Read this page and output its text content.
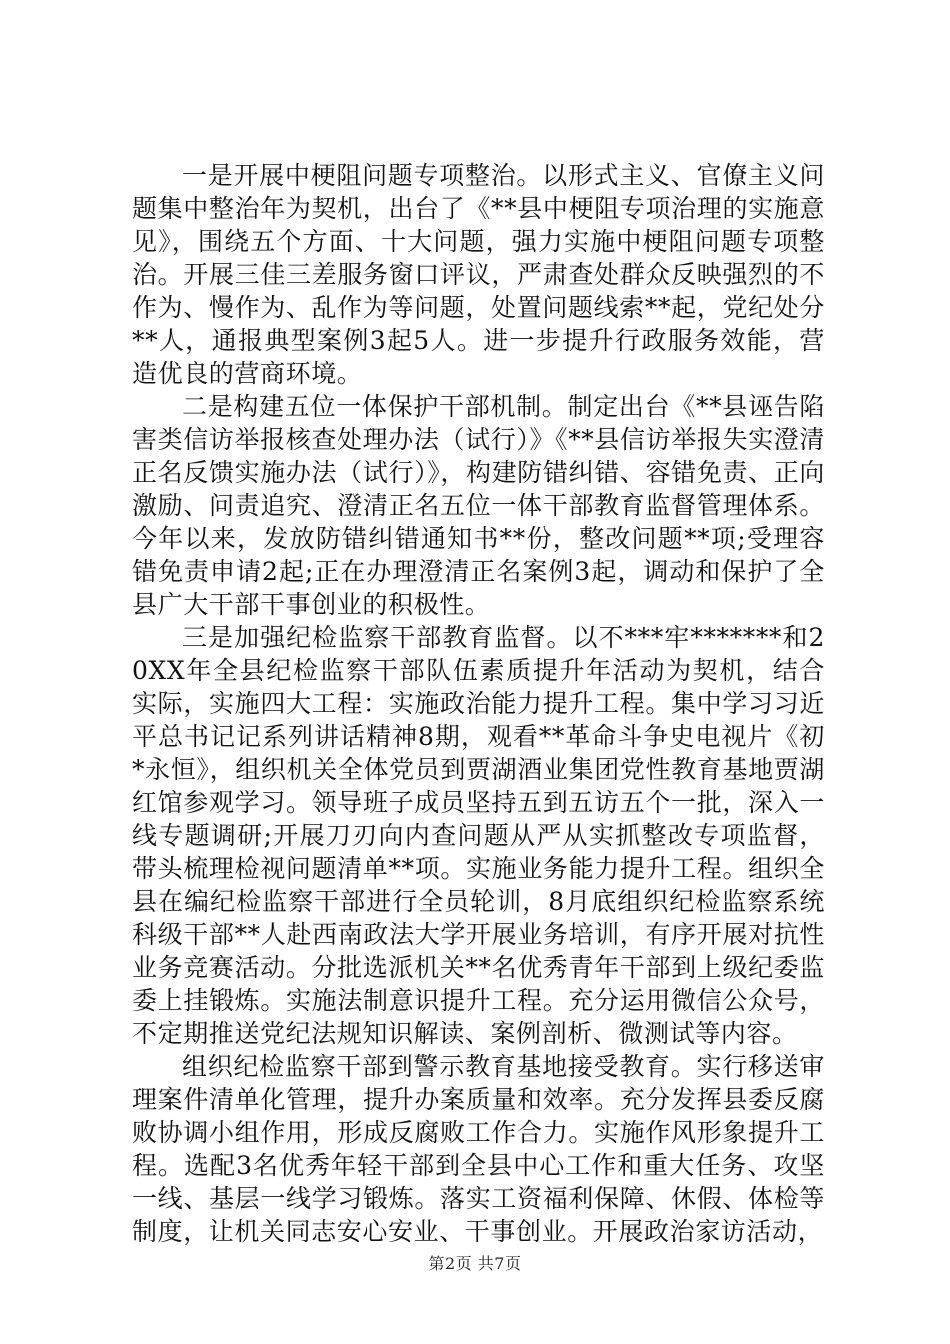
一是开展中梗阻问题专项整治。以形式主义、官僚主义问题集中整治年为契机，出台了《**县中梗阻专项治理的实施意见》，围绕五个方面、十大问题，强力实施中梗阻问题专项整治。开展三佳三差服务窗口评议，严肃查处群众反映强烈的不作为、慢作为、乱作为等问题，处置问题线索**起，党纪处分**人，通报典型案例3起5人。进一步提升行政服务效能，营造优良的营商环境。

二是构建五位一体保护干部机制。制定出台《**县诬告陷害类信访举报核查处理办法（试行）》《**县信访举报失实澄清正名反馈实施办法（试行）》，构建防错纠错、容错免责、正向激励、问责追究、澄清正名五位一体干部教育监督管理体系。今年以来，发放防错纠错通知书**份，整改问题**项;受理容错免责申请2起;正在办理澄清正名案例3起，调动和保护了全县广大干部干事创业的积极性。

三是加强纪检监察干部教育监督。以不***牢*******和20XX年全县纪检监察干部队伍素质提升年活动为契机，结合实际，实施四大工程：实施政治能力提升工程。集中学习习近平总书记记系列讲话精神8期，观看**革命斗争史电视片《初*永恒》，组织机关全体党员到贾湖酒业集团党性教育基地贾湖红馆参观学习。领导班子成员坚持五到五访五个一批，深入一线专题调研;开展刀刃向内查问题从严从实抓整改专项监督，带头梳理检视问题清单**项。实施业务能力提升工程。组织全县在编纪检监察干部进行全员轮训，8月底组织纪检监察系统科级干部**人赴西南政法大学开展业务培训，有序开展对抗性业务竞赛活动。分批选派机关**名优秀青年干部到上级纪委监委上挂锻炼。实施法制意识提升工程。充分运用微信公众号，不定期推送党纪法规知识解读、案例剖析、微测试等内容。

组织纪检监察干部到警示教育基地接受教育。实行移送审理案件清单化管理，提升办案质量和效率。充分发挥县委反腐败协调小组作用，形成反腐败工作合力。实施作风形象提升工程。选配3名优秀年轻干部到全县中心工作和重大任务、攻坚一线、基层一线学习锻炼。落实工资福利保障、休假、体检等制度，让机关同志安心安业、干事创业。开展政治家访活动，

第2页 共7页
